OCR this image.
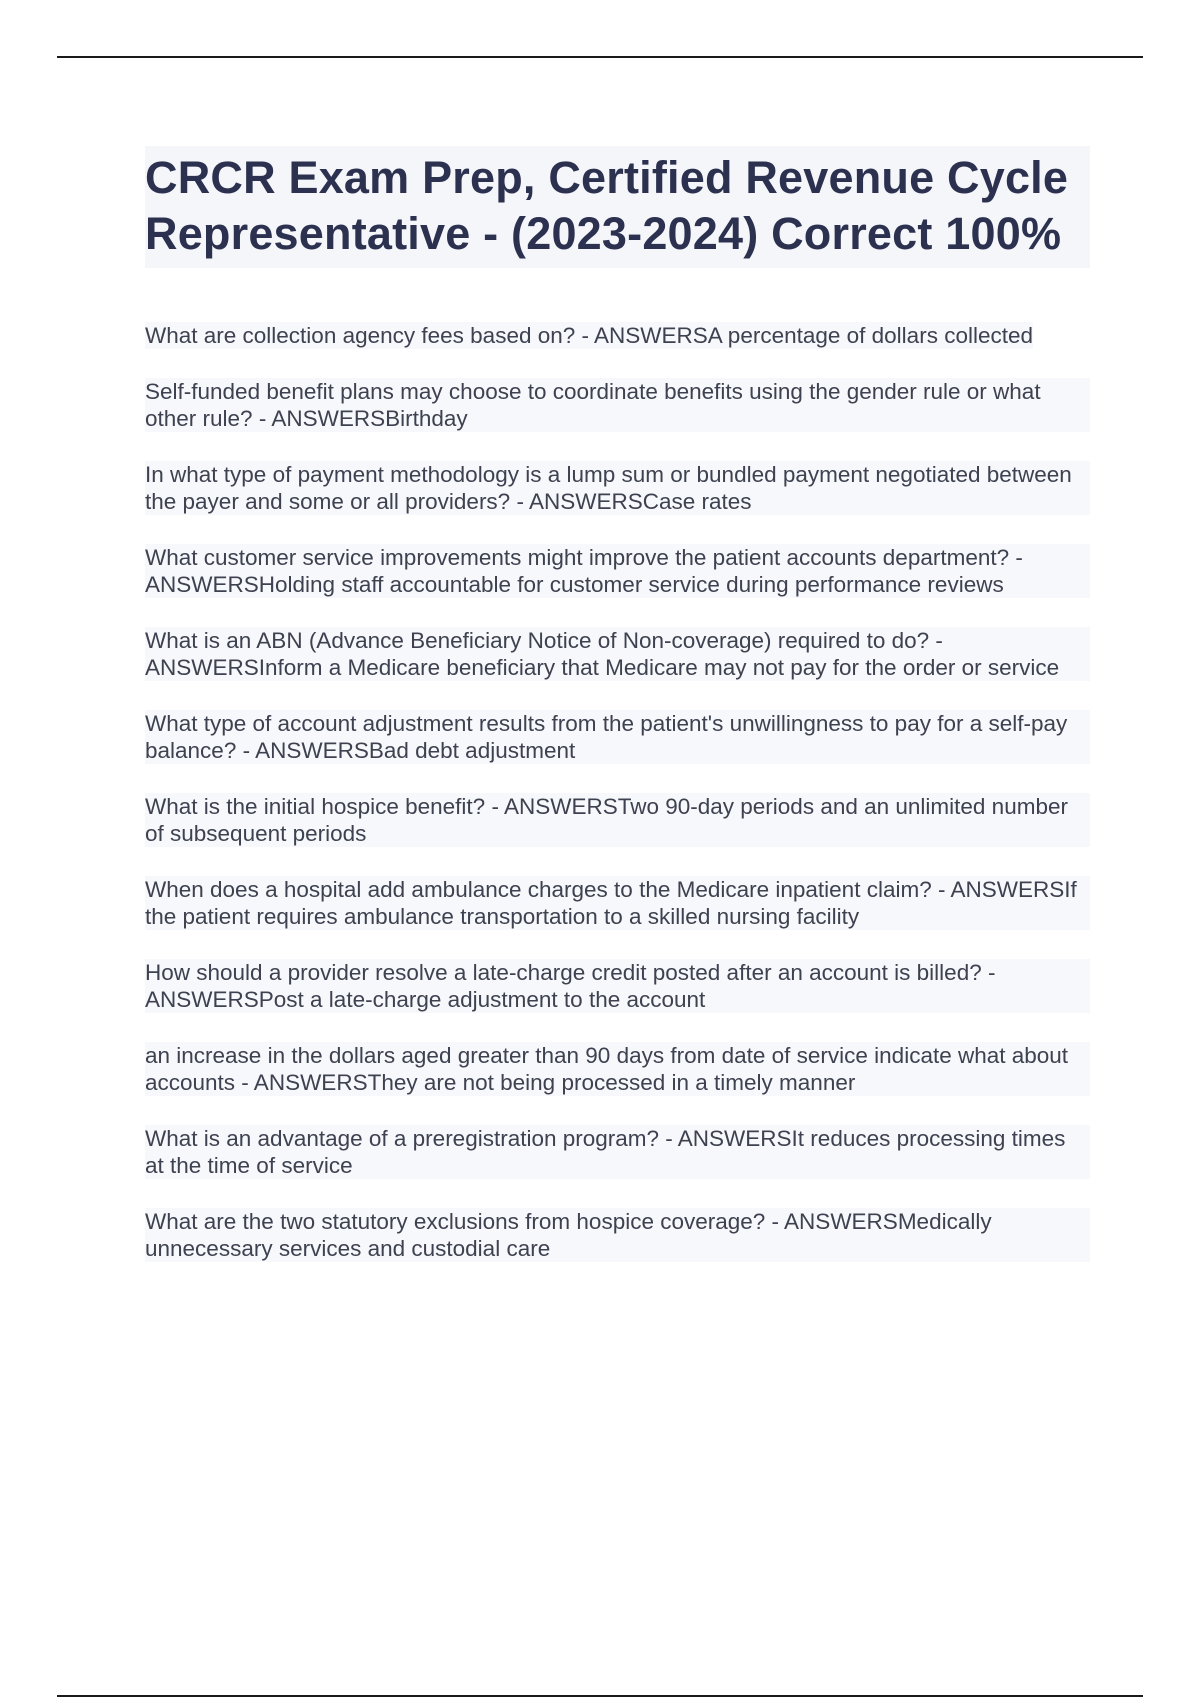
CRCR Exam Prep, Certified Revenue Cycle Representative - (2023-2024) Correct 100%

What are collection agency fees based on? - ANSWERSA percentage of dollars collected

Self-funded benefit plans may choose to coordinate benefits using the gender rule or what other rule? - ANSWERSBirthday

In what type of payment methodology is a lump sum or bundled payment negotiated between the payer and some or all providers? - ANSWERSCase rates

What customer service improvements might improve the patient accounts department? - ANSWERSHolding staff accountable for customer service during performance reviews

What is an ABN (Advance Beneficiary Notice of Non-coverage) required to do? - ANSWERSInform a Medicare beneficiary that Medicare may not pay for the order or service

What type of account adjustment results from the patient's unwillingness to pay for a self-pay balance? - ANSWERSBad debt adjustment

What is the initial hospice benefit? - ANSWERSTwo 90-day periods and an unlimited number of subsequent periods

When does a hospital add ambulance charges to the Medicare inpatient claim? - ANSWERSIf the patient requires ambulance transportation to a skilled nursing facility

How should a provider resolve a late-charge credit posted after an account is billed? - ANSWERSPost a late-charge adjustment to the account

an increase in the dollars aged greater than 90 days from date of service indicate what about accounts - ANSWERSThey are not being processed in a timely manner

What is an advantage of a preregistration program? - ANSWERSIt reduces processing times at the time of service

What are the two statutory exclusions from hospice coverage? - ANSWERSMedically unnecessary services and custodial care
